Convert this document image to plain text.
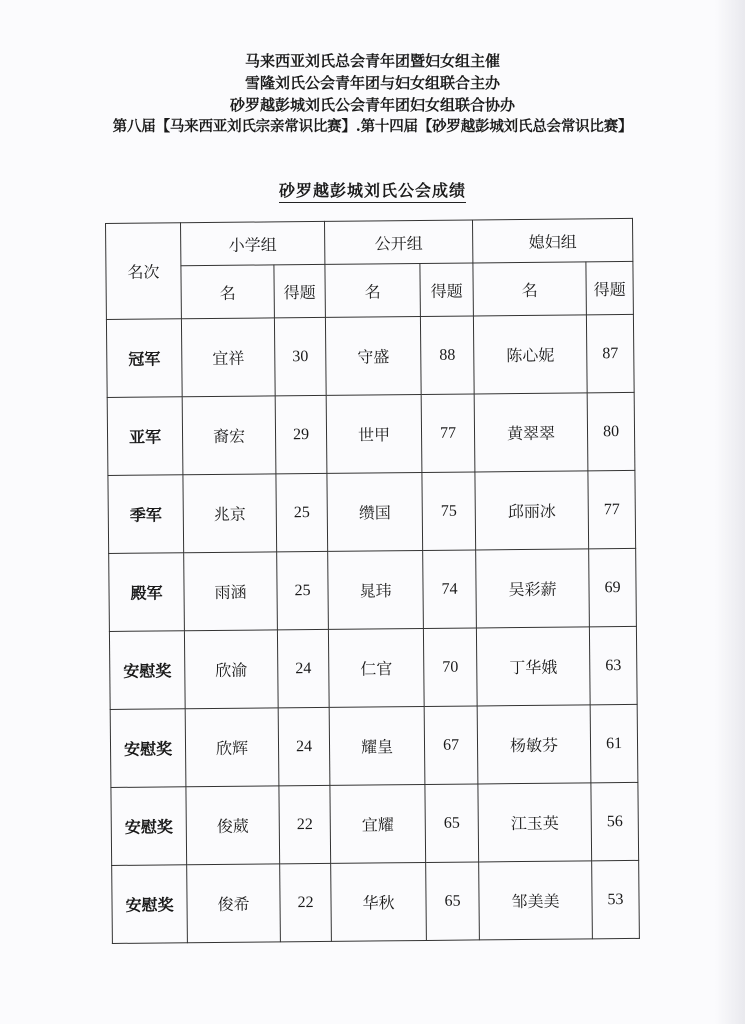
马来西亚刘氏总会青年团暨妇女组主催
雪隆刘氏公会青年团与妇女组联合主办
砂罗越彭城刘氏公会青年团妇女组联合协办
第八届【马来西亚刘氏宗亲常识比赛】.第十四届【砂罗越彭城刘氏总会常识比赛】
砂罗越彭城刘氏公会成绩
名次	小学组		公开组		媳妇组	
	名	得题	名	得题	名	得题
冠军	宜祥	30	守盛	88	陈心妮	87
亚军	裔宏	29	世甲	77	黄翠翠	80
季军	兆京	25	缵国	75	邱丽冰	77
殿军	雨涵	25	晁玮	74	吴彩薪	69
安慰奖	欣渝	24	仁官	70	丁华娥	63
安慰奖	欣辉	24	耀皇	67	杨敏芬	61
安慰奖	俊葳	22	宜耀	65	江玉英	56
安慰奖	俊希	22	华秋	65	邹美美	53
